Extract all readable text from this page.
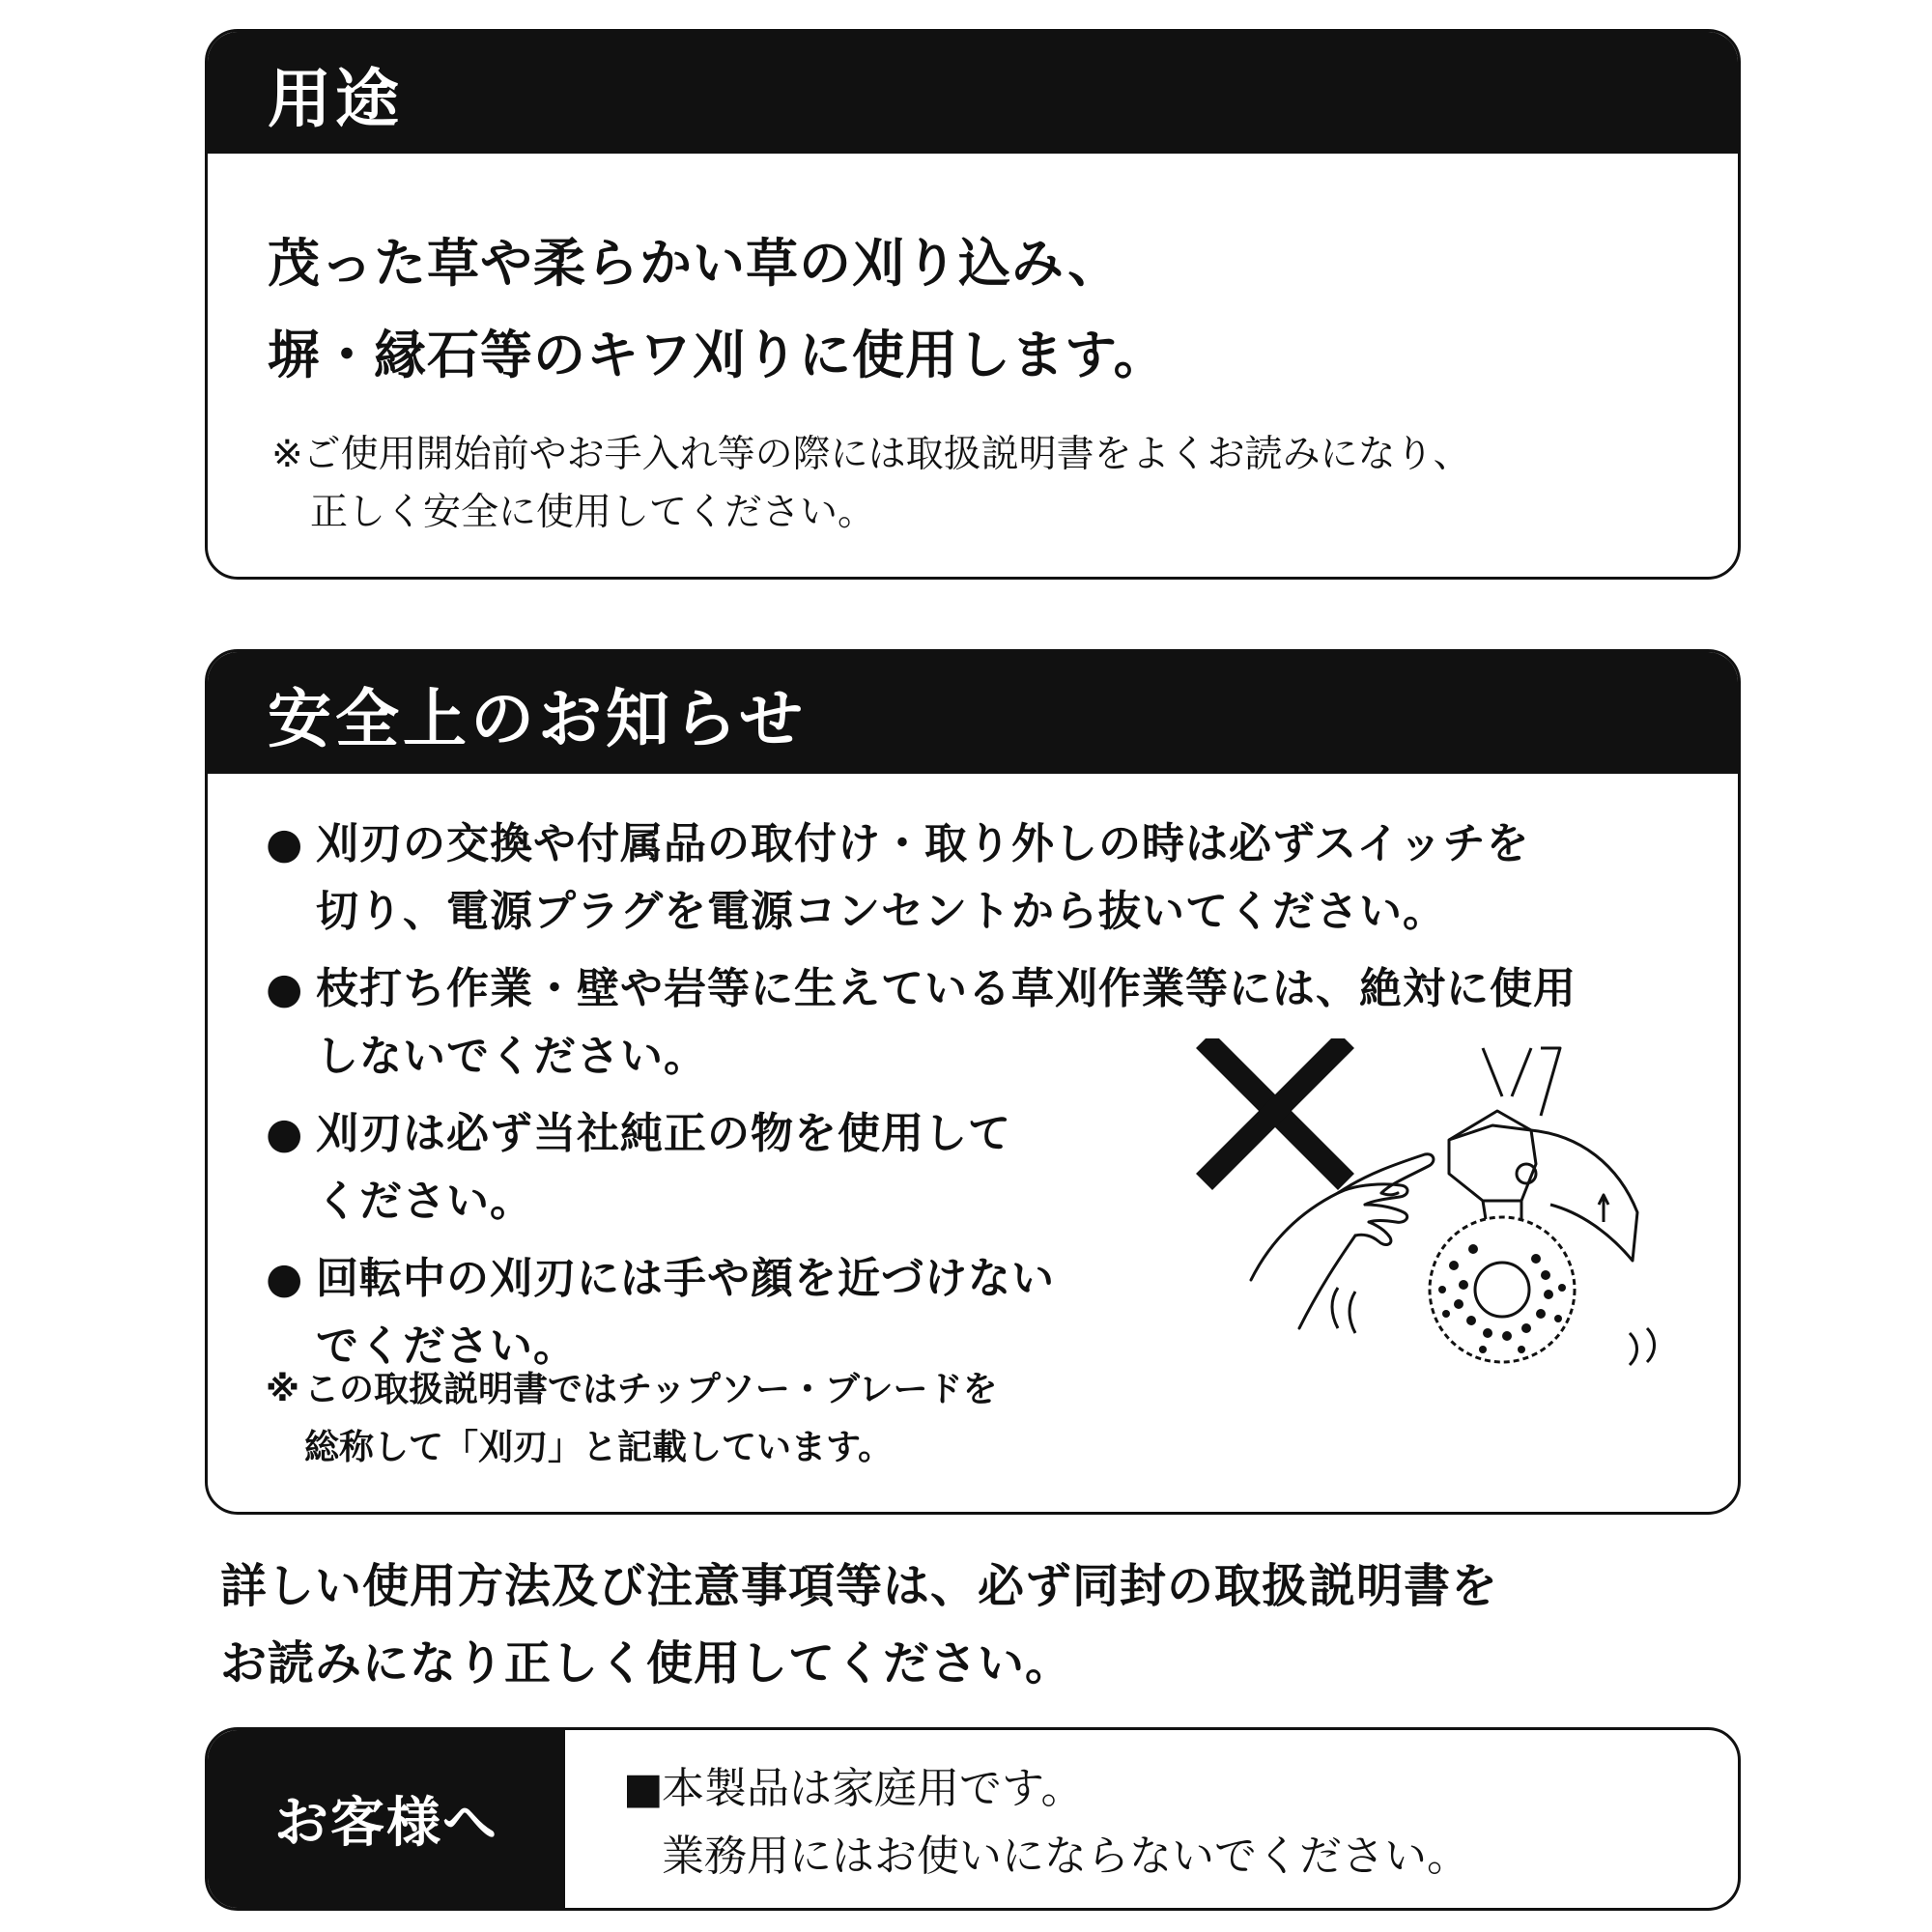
用途
茂った草や柔らかい草の刈り込み、
塀・縁石等のキワ刈りに使用します。
※ご使用開始前やお手入れ等の際には取扱説明書をよくお読みになり、
正しく安全に使用してください。
安全上のお知らせ
● 刈刃の交換や付属品の取付け・取り外しの時は必ずスイッチを
切り、電源プラグを電源コンセントから抜いてください。
● 枝打ち作業・壁や岩等に生えている草刈作業等には、絶対に使用
しないでください。
● 刈刃は必ず当社純正の物を使用して
ください。
● 回転中の刈刃には手や顔を近づけない
でください。
※ この取扱説明書ではチップソー・ブレードを
総称して「刈刃」と記載しています。
詳しい使用方法及び注意事項等は、必ず同封の取扱説明書を
お読みになり正しく使用してください。
お客様へ
■本製品は家庭用です。
業務用にはお使いにならないでください。
